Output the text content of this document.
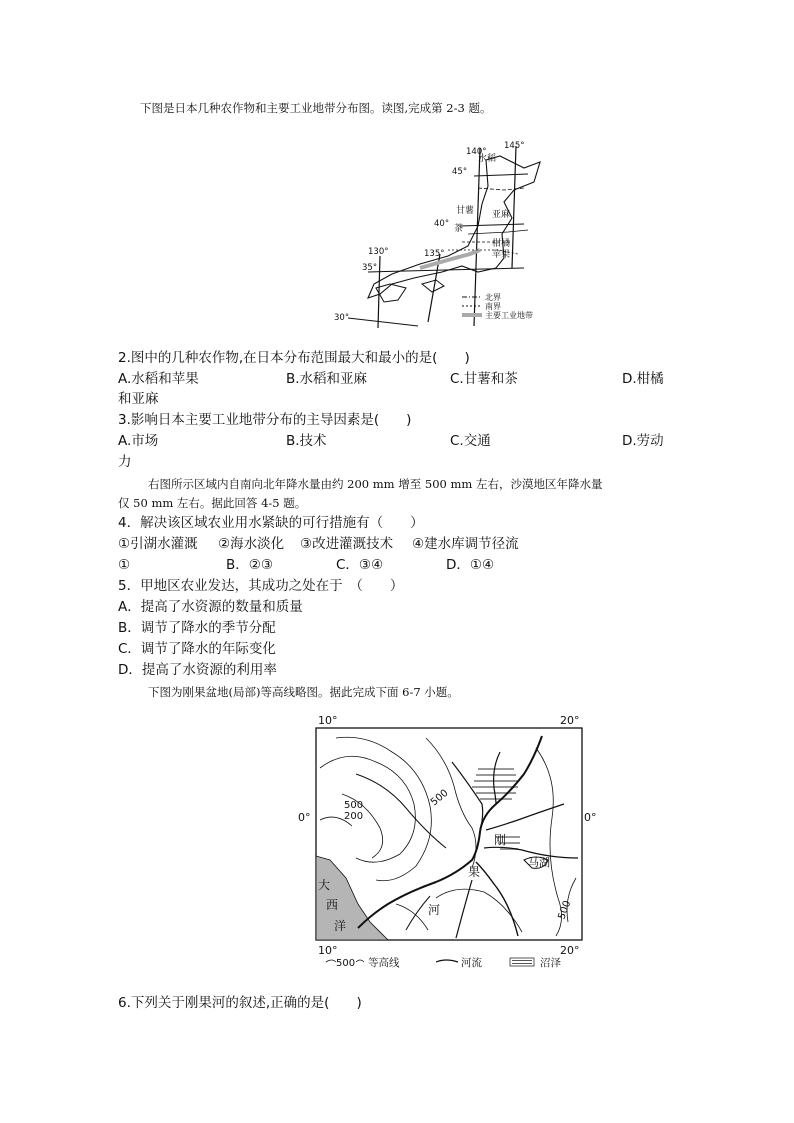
下图是日本几种农作物和主要工业地带分布图。读图,完成第 2-3 题。
140°
145°
130°	135°
45°
40°
35°
30°
水稻
甘薯 亚麻
茶
柑橘
苹果
北界
南界
主要工业地带
2.图中的几种农作物,在日本分布范围最大和最小的是(　　)
A.水稻和苹果	B.水稻和亚麻	C.甘薯和茶	D.柑橘
和亚麻
3.影响日本主要工业地带分布的主导因素是(　　)
A.市场	B.技术	C.交通	D.劳动
力
右图所示区域内自南向北年降水量由约 200 mm 增至 500 mm 左右，沙漠地区年降水量
仅 50 mm 左右。据此回答 4-5 题。
4．解决该区域农业用水紧缺的可行措施有（　　）
①引湖水灌溉 ②海水淡化 ③改进灌溉技术 ④建水库调节径流
①	B．②③	C．③④	D．①④
5．甲地区农业发达，其成功之处在于　（　　）
A．提高了水资源的数量和质量
B．调节了降水的季节分配
C．调节了降水的年际变化
D．提高了水资源的利用率
下图为刚果盆地(局部)等高线略图。据此完成下面 6-7 小题。
10°	20°
10°	20°
0°	0°
500
200
500
500
大
西
洋
刚
果
河
马湖
500 等高线	河流	沼泽
6.下列关于刚果河的叙述,正确的是(　　)
